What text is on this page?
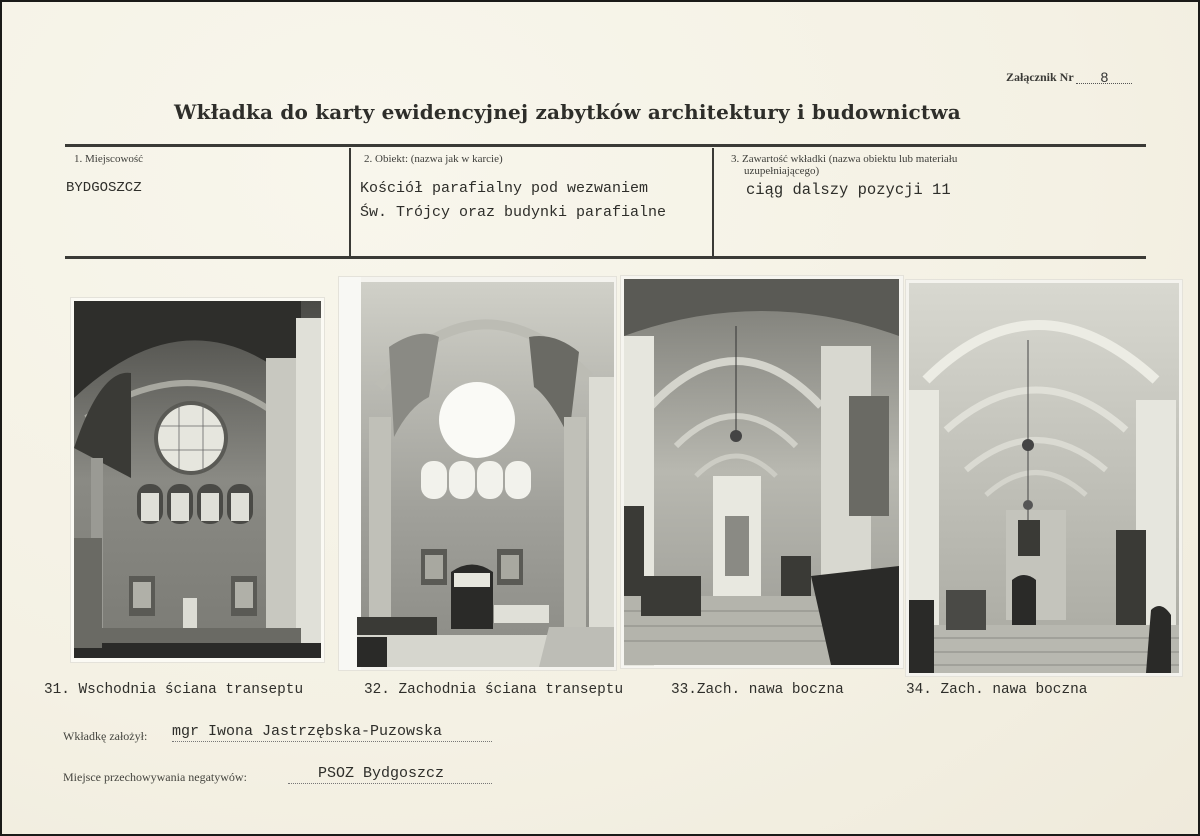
Załącznik Nr 8
Wkładka do karty ewidencyjnej zabytków architektury i budownictwa
1. Miejscowość
BYDGOSZCZ
2. Obiekt: (nazwa jak w karcie)
Kościół parafialny pod wezwaniem
Św. Trójcy oraz budynki parafialne
3. Zawartość wkładki (nazwa obiektu lub materiału
uzupełniającego)
ciąg dalszy pozycji 11
31. Wschodnia ściana transeptu	32. Zachodnia ściana transeptu	33.Zach. nawa boczna	34. Zach. nawa boczna
Wkładkę założył: mgr Iwona Jastrzębska-Puzowska
Miejsce przechowywania negatywów:	PSOZ Bydgoszcz
